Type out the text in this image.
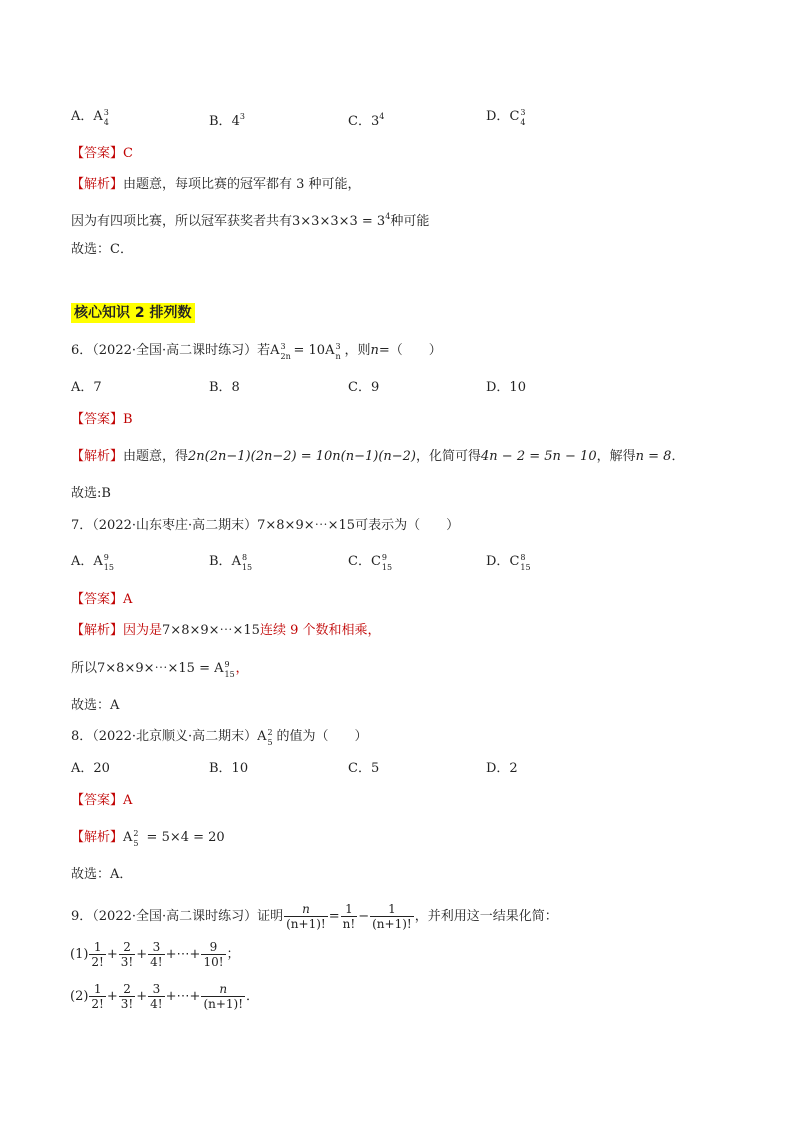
A．A 3
4	B．$4^3$	C．$3^4$	D．C 3
4
【答案】C
【解析】由题意，每项比赛的冠军都有 3 种可能，
因为有四项比赛，所以冠军获奖者共有$3\times 3\times 3\times 3 = 3^4$种可能
故选：C．
核心知识 2 排列数
6．（2022·全国·高二课时练习）若A 3
2n = 10A 3
n ，则n=（　　）
A．7	B．8	C．9	D．10
【答案】B
【解析】由题意，得2n(2n−1)(2n−2) = 10n(n−1)(n−2)，化简可得4n − 2 = 5n − 10，解得n = 8．
故选:B
7．（2022·山东枣庄·高二期末）7×8×9×⋯×15可表示为（　　）
A．A 9
15	B．A 8
15	C．C 9
15	D．C 8
15
【答案】A
【解析】因为是7×8×9×⋯×15连续 9 个数和相乘，
所以7×8×9×⋯×15 = A 9
15 ，
故选：A
8．（2022·北京顺义·高二期末）A 2
5 的值为（　　）
A．20	B．10	C．5	D．2
【答案】A
【解析】A 2
5 = 5×4 = 20
故选：A．
9．（2022·全国·高二课时练习）证明 $\frac{n}{(n+1)!} = \frac{1}{n!} - \frac{1}{(n+1)!}$ ，并利用这一结果化简：
$(1) \frac{1}{2!} + \frac{2}{3!} + \frac{3}{4!}$ +⋯+ $\frac{9}{10!}$ ；
$(2) \frac{1}{2!} + \frac{2}{3!} + \frac{3}{4!}$ +⋯+ $\frac{n}{(n+1)!}$ ．
